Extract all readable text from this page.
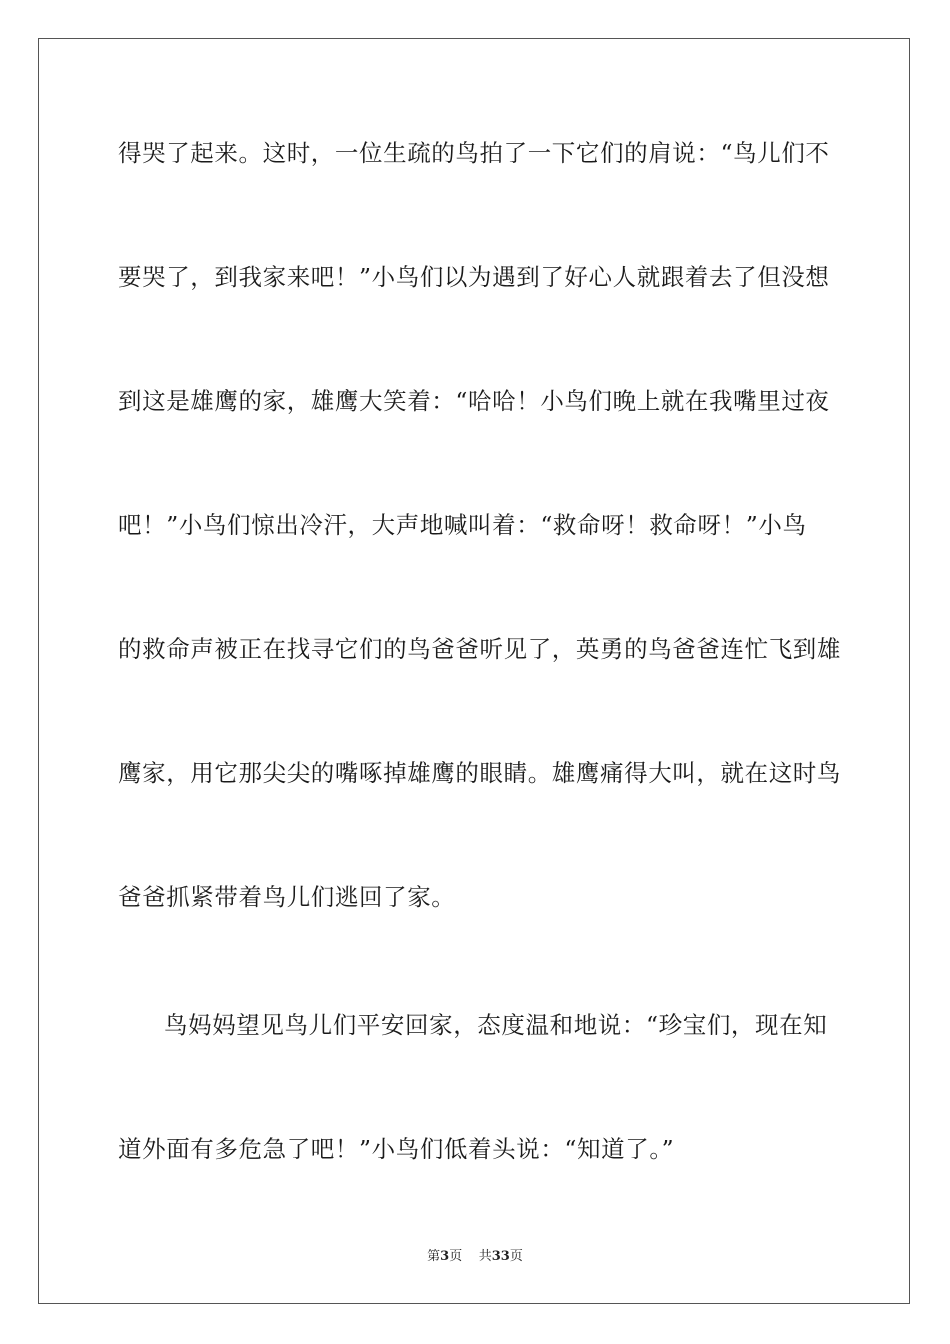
得哭了起来。这时，一位生疏的鸟拍了一下它们的肩说：“鸟儿们不
要哭了，到我家来吧！”小鸟们以为遇到了好心人就跟着去了但没想
到这是雄鹰的家，雄鹰大笑着：“哈哈！小鸟们晚上就在我嘴里过夜
吧！”小鸟们惊出冷汗，大声地喊叫着：“救命呀！救命呀！”小鸟
的救命声被正在找寻它们的鸟爸爸听见了，英勇的鸟爸爸连忙飞到雄
鹰家，用它那尖尖的嘴啄掉雄鹰的眼睛。雄鹰痛得大叫，就在这时鸟
爸爸抓紧带着鸟儿们逃回了家。
鸟妈妈望见鸟儿们平安回家，态度温和地说：“珍宝们，现在知
道外面有多危急了吧！”小鸟们低着头说：“知道了。”
第3页    共33页
